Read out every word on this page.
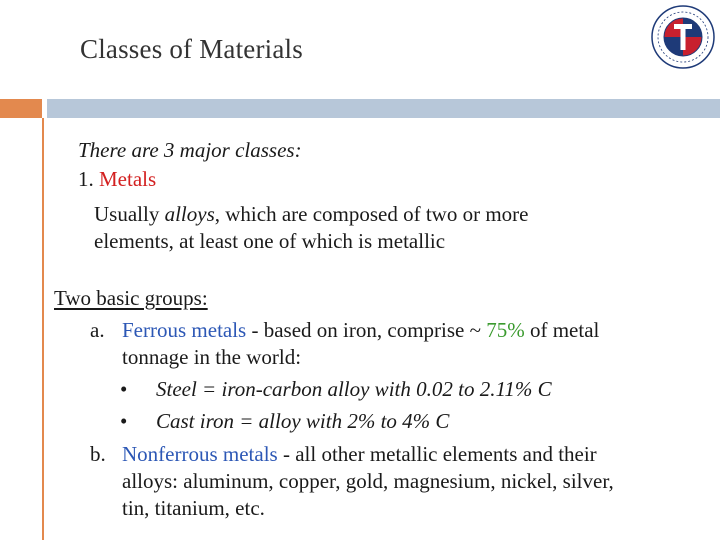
Classes of Materials
There are 3 major classes:
1. Metals
Usually alloys, which are composed of two or more
elements, at least one of which is metallic
Two basic groups:
a. Ferrous metals - based on iron, comprise ~ 75% of metal
tonnage in the world:
• Steel = iron-carbon alloy with 0.02 to 2.11% C
• Cast iron = alloy with 2% to 4% C
b. Nonferrous metals - all other metallic elements and their
alloys: aluminum, copper, gold, magnesium, nickel, silver,
tin, titanium, etc.
